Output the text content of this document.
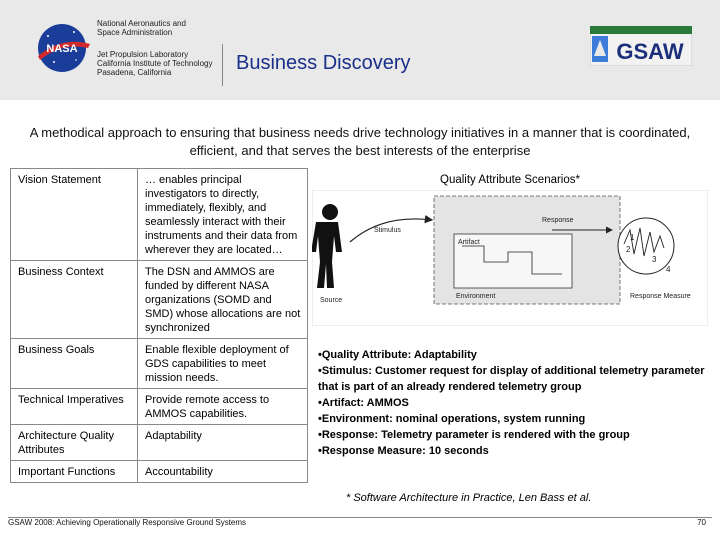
NASA
National Aeronautics and
Space Administration
Jet Propulsion Laboratory
California Institute of Technology
Pasadena, California	Business Discovery	GSAW
A methodical approach to ensuring that business needs drive technology initiatives in a manner that is coordinated, efficient, and that serves the best interests of the enterprise
Vision Statement	… enables principal investigators to directly, immediately, flexibly, and seamlessly interact with their instruments and their data from wherever they are located…
Business Context	The DSN and AMMOS are funded by different NASA organizations (SOMD and SMD) whose allocations are not synchronized
Business Goals	Enable flexible deployment of GDS capabilities to meet mission needs.
Technical Imperatives	Provide remote access to AMMOS capabilities.
Architecture Quality Attributes	Adaptability
Important Functions	Accountability
Quality Attribute Scenarios*
Stimulus
Response
Artifact
1
2
3
4
Source
Environment	Response Measure
•Quality Attribute: Adaptability
•Stimulus: Customer request for display of additional telemetry parameter that is part of an already rendered telemetry group
•Artifact: AMMOS
•Environment: nominal operations, system running
•Response: Telemetry parameter is rendered with the group
•Response Measure: 10 seconds
* Software Architecture in Practice, Len Bass et al.
GSAW 2008: Achieving Operationally Responsive Ground Systems	70
